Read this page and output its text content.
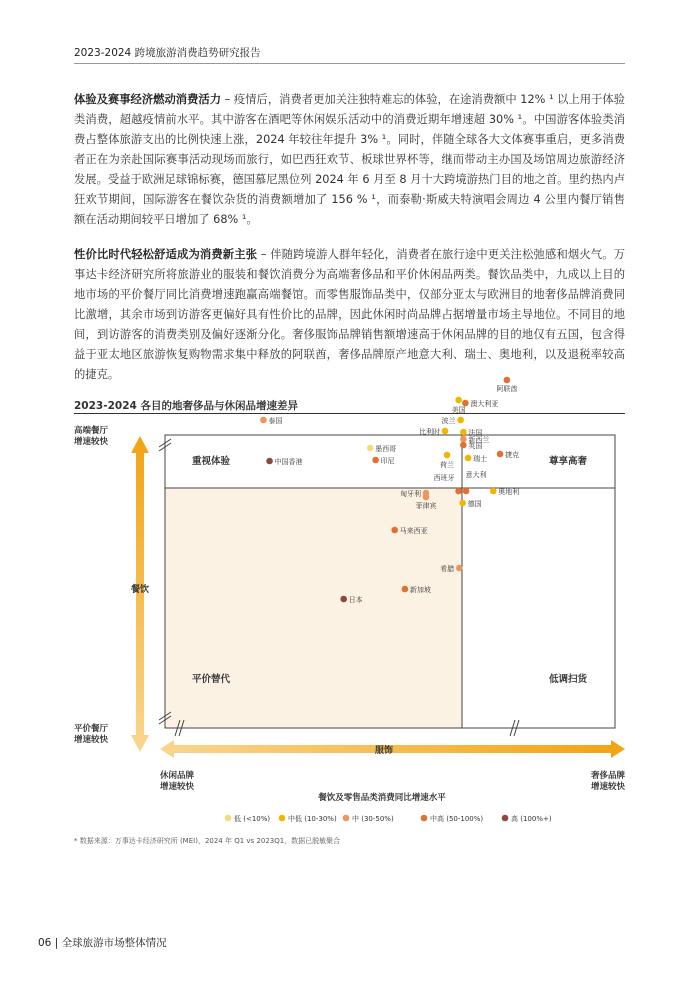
2023-2024 跨境旅游消费趋势研究报告
体验及赛事经济燃动消费活力 – 疫情后，消费者更加关注独特难忘的体验，在途消费额中 12% ¹ 以上用于体验类消费，超越疫情前水平。其中游客在酒吧等休闲娱乐活动中的消费近期年增速超 30% ¹。中国游客体验类消费占整体旅游支出的比例快速上涨，2024 年较往年提升 3% ¹。同时，伴随全球各大文体赛事重启，更多消费者正在为亲赴国际赛事活动现场而旅行，如巴西狂欢节、板球世界杯等，继而带动主办国及场馆周边旅游经济发展。受益于欧洲足球锦标赛，德国慕尼黑位列 2024 年 6 月至 8 月十大跨境游热门目的地之首。里约热内卢狂欢节期间，国际游客在餐饮杂货的消费额增加了 156 % ¹，而泰勒·斯威夫特演唱会周边 4 公里内餐厅销售额在活动期间较平日增加了 68% ¹。
性价比时代轻松舒适成为消费新主张 – 伴随跨境游人群年轻化，消费者在旅行途中更关注松弛感和烟火气。万事达卡经济研究所将旅游业的服装和餐饮消费分为高端奢侈品和平价休闲品两类。餐饮品类中，九成以上目的地市场的平价餐厅同比消费增速跑赢高端餐馆。而零售服饰品类中，仅部分亚太与欧洲目的地奢侈品牌消费同比激增，其余市场到访游客更偏好具有性价比的品牌，因此休闲时尚品牌占据增量市场主导地位。不同目的地间，到访游客的消费类别及偏好逐渐分化。奢侈服饰品牌销售额增速高于休闲品牌的目的地仅有五国，包含得益于亚太地区旅游恢复购物需求集中释放的阿联酋，奢侈品牌原产地意大利、瑞士、奥地利，以及退税率较高的捷克。
2023-2024 各目的地奢侈品与休闲品增速差异
餐饮
服饰
高端餐厅
增速较快
平价餐厅
增速较快
休闲品牌
增速较快
奢侈品牌
增速较快
餐饮及零售品类消费同比增速水平
重视体验	尊享高奢
平价替代	低调扫货
阿联酋
美国
澳大利亚
泰国	波兰
比利时	法国
新西兰
英国
墨西哥
荷兰
瑞士	捷克
中国香港	印尼
西班牙 意大利
奥地利
匈牙利
菲律宾	德国
马来西亚
希腊
新加坡
日本
低 (<10%)	中低 (10-30%) 中 (30-50%)	中高 (50-100%)	高 (100%+)
* 数据来源：万事达卡经济研究所 (MEI)，2024 年 Q1 vs 2023Q1，数据已脱敏聚合
06 | 全球旅游市场整体情况
